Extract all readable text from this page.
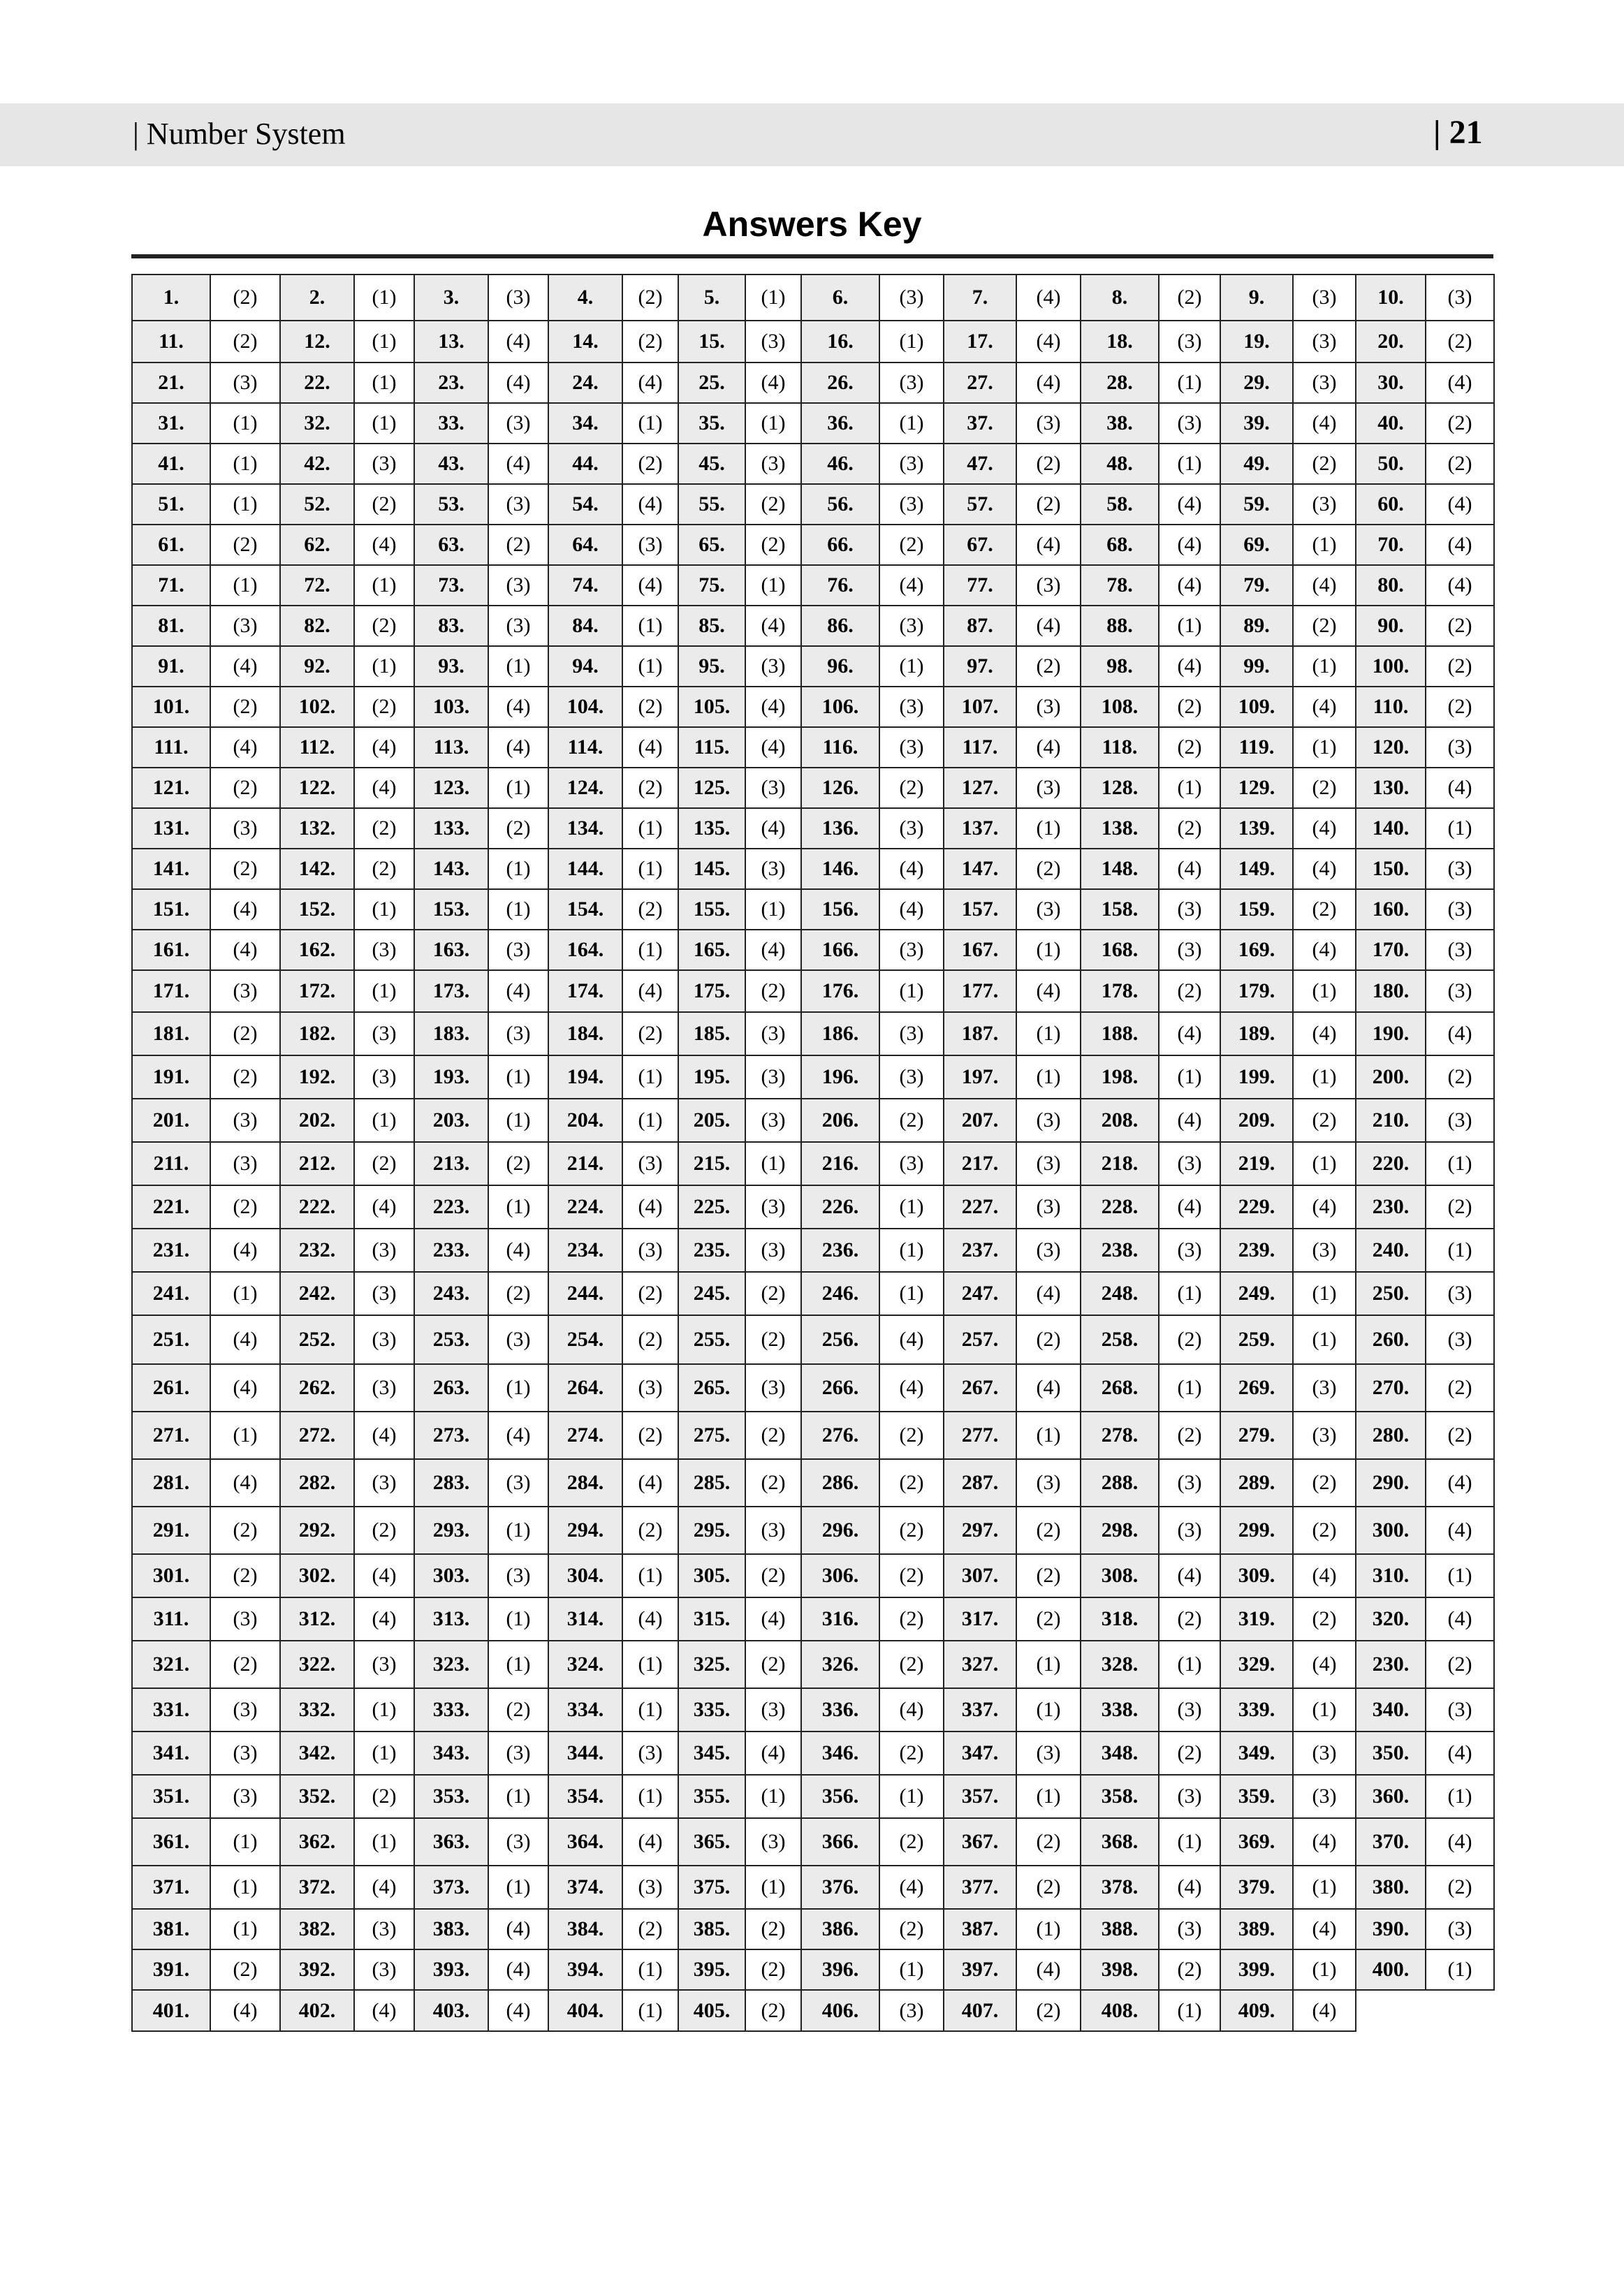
| Number System	| 21
Answers Key
1.	(2)	2.	(1)	3.	(3)	4.	(2)	5.	(1)	6.	(3)	7.	(4)	8.	(2)	9.	(3)	10.	(3)
11.	(2)	12.	(1)	13.	(4)	14.	(2)	15.	(3)	16.	(1)	17.	(4)	18.	(3)	19.	(3)	20.	(2)
21.	(3)	22.	(1)	23.	(4)	24.	(4)	25.	(4)	26.	(3)	27.	(4)	28.	(1)	29.	(3)	30.	(4)
31.	(1)	32.	(1)	33.	(3)	34.	(1)	35.	(1)	36.	(1)	37.	(3)	38.	(3)	39.	(4)	40.	(2)
41.	(1)	42.	(3)	43.	(4)	44.	(2)	45.	(3)	46.	(3)	47.	(2)	48.	(1)	49.	(2)	50.	(2)
51.	(1)	52.	(2)	53.	(3)	54.	(4)	55.	(2)	56.	(3)	57.	(2)	58.	(4)	59.	(3)	60.	(4)
61.	(2)	62.	(4)	63.	(2)	64.	(3)	65.	(2)	66.	(2)	67.	(4)	68.	(4)	69.	(1)	70.	(4)
71.	(1)	72.	(1)	73.	(3)	74.	(4)	75.	(1)	76.	(4)	77.	(3)	78.	(4)	79.	(4)	80.	(4)
81.	(3)	82.	(2)	83.	(3)	84.	(1)	85.	(4)	86.	(3)	87.	(4)	88.	(1)	89.	(2)	90.	(2)
91.	(4)	92.	(1)	93.	(1)	94.	(1)	95.	(3)	96.	(1)	97.	(2)	98.	(4)	99.	(1)	100.	(2)
101.	(2)	102.	(2)	103.	(4)	104.	(2)	105.	(4)	106.	(3)	107.	(3)	108.	(2)	109.	(4)	110.	(2)
111.	(4)	112.	(4)	113.	(4)	114.	(4)	115.	(4)	116.	(3)	117.	(4)	118.	(2)	119.	(1)	120.	(3)
121.	(2)	122.	(4)	123.	(1)	124.	(2)	125.	(3)	126.	(2)	127.	(3)	128.	(1)	129.	(2)	130.	(4)
131.	(3)	132.	(2)	133.	(2)	134.	(1)	135.	(4)	136.	(3)	137.	(1)	138.	(2)	139.	(4)	140.	(1)
141.	(2)	142.	(2)	143.	(1)	144.	(1)	145.	(3)	146.	(4)	147.	(2)	148.	(4)	149.	(4)	150.	(3)
151.	(4)	152.	(1)	153.	(1)	154.	(2)	155.	(1)	156.	(4)	157.	(3)	158.	(3)	159.	(2)	160.	(3)
161.	(4)	162.	(3)	163.	(3)	164.	(1)	165.	(4)	166.	(3)	167.	(1)	168.	(3)	169.	(4)	170.	(3)
171.	(3)	172.	(1)	173.	(4)	174.	(4)	175.	(2)	176.	(1)	177.	(4)	178.	(2)	179.	(1)	180.	(3)
181.	(2)	182.	(3)	183.	(3)	184.	(2)	185.	(3)	186.	(3)	187.	(1)	188.	(4)	189.	(4)	190.	(4)
191.	(2)	192.	(3)	193.	(1)	194.	(1)	195.	(3)	196.	(3)	197.	(1)	198.	(1)	199.	(1)	200.	(2)
201.	(3)	202.	(1)	203.	(1)	204.	(1)	205.	(3)	206.	(2)	207.	(3)	208.	(4)	209.	(2)	210.	(3)
211.	(3)	212.	(2)	213.	(2)	214.	(3)	215.	(1)	216.	(3)	217.	(3)	218.	(3)	219.	(1)	220.	(1)
221.	(2)	222.	(4)	223.	(1)	224.	(4)	225.	(3)	226.	(1)	227.	(3)	228.	(4)	229.	(4)	230.	(2)
231.	(4)	232.	(3)	233.	(4)	234.	(3)	235.	(3)	236.	(1)	237.	(3)	238.	(3)	239.	(3)	240.	(1)
241.	(1)	242.	(3)	243.	(2)	244.	(2)	245.	(2)	246.	(1)	247.	(4)	248.	(1)	249.	(1)	250.	(3)
251.	(4)	252.	(3)	253.	(3)	254.	(2)	255.	(2)	256.	(4)	257.	(2)	258.	(2)	259.	(1)	260.	(3)
261.	(4)	262.	(3)	263.	(1)	264.	(3)	265.	(3)	266.	(4)	267.	(4)	268.	(1)	269.	(3)	270.	(2)
271.	(1)	272.	(4)	273.	(4)	274.	(2)	275.	(2)	276.	(2)	277.	(1)	278.	(2)	279.	(3)	280.	(2)
281.	(4)	282.	(3)	283.	(3)	284.	(4)	285.	(2)	286.	(2)	287.	(3)	288.	(3)	289.	(2)	290.	(4)
291.	(2)	292.	(2)	293.	(1)	294.	(2)	295.	(3)	296.	(2)	297.	(2)	298.	(3)	299.	(2)	300.	(4)
301.	(2)	302.	(4)	303.	(3)	304.	(1)	305.	(2)	306.	(2)	307.	(2)	308.	(4)	309.	(4)	310.	(1)
311.	(3)	312.	(4)	313.	(1)	314.	(4)	315.	(4)	316.	(2)	317.	(2)	318.	(2)	319.	(2)	320.	(4)
321.	(2)	322.	(3)	323.	(1)	324.	(1)	325.	(2)	326.	(2)	327.	(1)	328.	(1)	329.	(4)	230.	(2)
331.	(3)	332.	(1)	333.	(2)	334.	(1)	335.	(3)	336.	(4)	337.	(1)	338.	(3)	339.	(1)	340.	(3)
341.	(3)	342.	(1)	343.	(3)	344.	(3)	345.	(4)	346.	(2)	347.	(3)	348.	(2)	349.	(3)	350.	(4)
351.	(3)	352.	(2)	353.	(1)	354.	(1)	355.	(1)	356.	(1)	357.	(1)	358.	(3)	359.	(3)	360.	(1)
361.	(1)	362.	(1)	363.	(3)	364.	(4)	365.	(3)	366.	(2)	367.	(2)	368.	(1)	369.	(4)	370.	(4)
371.	(1)	372.	(4)	373.	(1)	374.	(3)	375.	(1)	376.	(4)	377.	(2)	378.	(4)	379.	(1)	380.	(2)
381.	(1)	382.	(3)	383.	(4)	384.	(2)	385.	(2)	386.	(2)	387.	(1)	388.	(3)	389.	(4)	390.	(3)
391.	(2)	392.	(3)	393.	(4)	394.	(1)	395.	(2)	396.	(1)	397.	(4)	398.	(2)	399.	(1)	400.	(1)
401.	(4)	402.	(4)	403.	(4)	404.	(1)	405.	(2)	406.	(3)	407.	(2)	408.	(1)	409.	(4)		
